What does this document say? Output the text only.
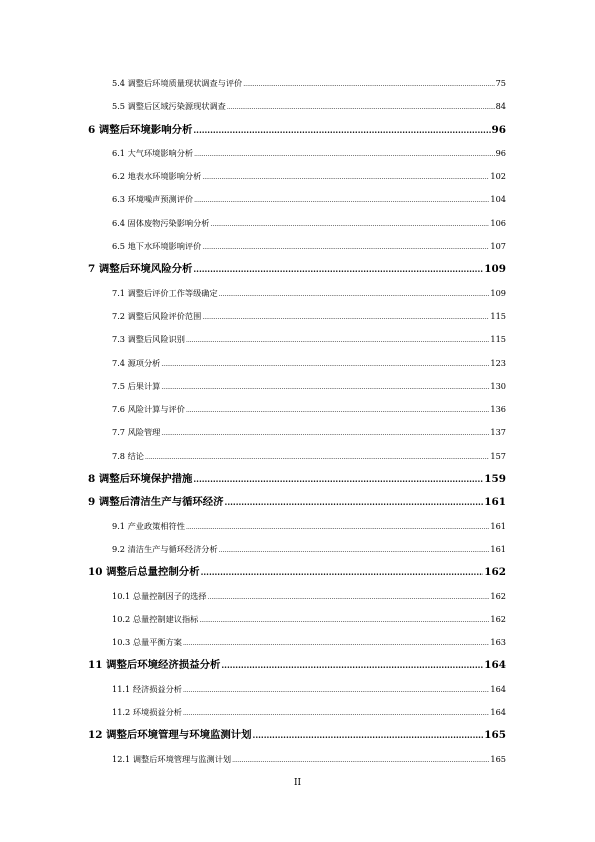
5.4 调整后环境质量现状调查与评价 .....	75
5.5 调整后区域污染源现状调查 .....	84
6 调整后环境影响分析 .....	96
6.1 大气环境影响分析 .....	96
6.2 地表水环境影响分析 .....	102
6.3 环境噪声预测评价 .....	104
6.4 固体废物污染影响分析 .....	106
6.5 地下水环境影响评价 .....	107
7 调整后环境风险分析 .....	109
7.1 调整后评价工作等级确定 .....	109
7.2 调整后风险评价范围 .....	115
7.3 调整后风险识别 .....	115
7.4 源项分析 .....	123
7.5 后果计算 .....	130
7.6 风险计算与评价 .....	136
7.7 风险管理 .....	137
7.8 结论 .....	157
8 调整后环境保护措施 .....	159
9 调整后清洁生产与循环经济 .....	161
9.1 产业政策相符性 .....	161
9.2 清洁生产与循环经济分析 .....	161
10 调整后总量控制分析 .....	162
10.1 总量控制因子的选择 .....	162
10.2 总量控制建议指标 .....	162
10.3 总量平衡方案 .....	163
11 调整后环境经济损益分析 .....	164
11.1 经济损益分析 .....	164
11.2 环境损益分析 .....	164
12 调整后环境管理与环境监测计划 .....	165
12.1 调整后环境管理与监测计划 .....	165
II
